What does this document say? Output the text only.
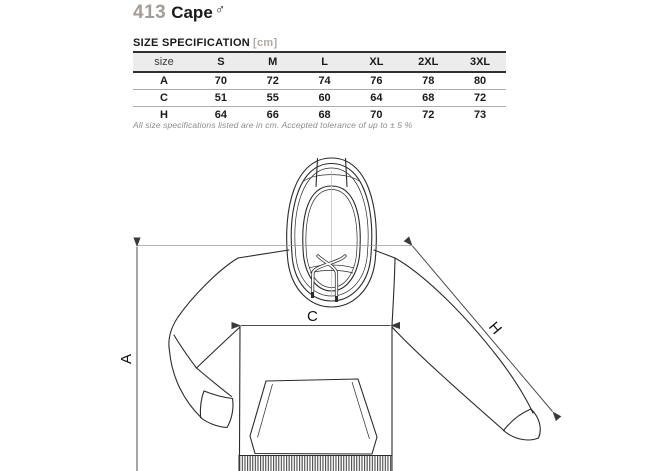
413 Cape ♂
SIZE SPECIFICATION [cm]
size	S	M	L	XL	2XL	3XL
A	70	72	74	76	78	80
C	51	55	60	64	68	72
H	64	66	68	70	72	73
All size specifications listed are in cm. Accepted tolerance of up to ± 5 %
A
C
H
